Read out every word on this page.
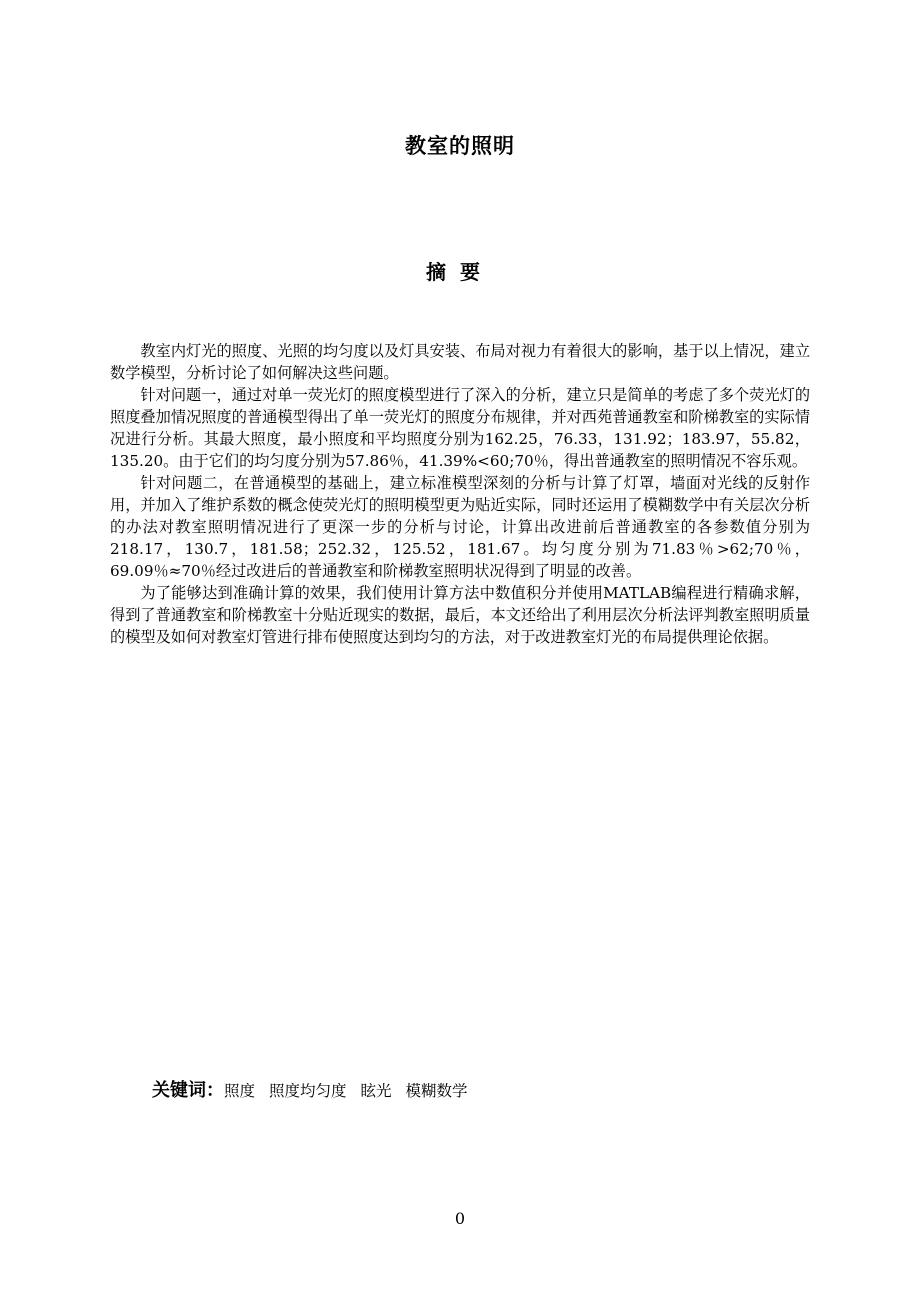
教室的照明
摘要

教室内灯光的照度、光照的均匀度以及灯具安装、布局对视力有着很大的影响，基于以上情况，建立数学模型，分析讨论了如何解决这些问题。

针对问题一，通过对单一荧光灯的照度模型进行了深入的分析，建立只是简单的考虑了多个荧光灯的照度叠加情况照度的普通模型得出了单一荧光灯的照度分布规律，并对西苑普通教室和阶梯教室的实际情况进行分析。其最大照度，最小照度和平均照度分别为162.25，76.33，131.92；183.97，55.82，135.20。由于它们的均匀度分别为57.86％，41.39%<60;70％，得出普通教室的照明情况不容乐观。

针对问题二，在普通模型的基础上，建立标准模型深刻的分析与计算了灯罩，墙面对光线的反射作用，并加入了维护系数的概念使荧光灯的照明模型更为贴近实际，同时还运用了模糊数学中有关层次分析的办法对教室照明情况进行了更深一步的分析与讨论，计算出改进前后普通教室的各参数值分别为218.17，130.7，181.58；252.32，125.52，181.67。均匀度分别为71.83％>62;70％，69.09％≈70％经过改进后的普通教室和阶梯教室照明状况得到了明显的改善。

为了能够达到准确计算的效果，我们使用计算方法中数值积分并使用MATLAB编程进行精确求解，得到了普通教室和阶梯教室十分贴近现实的数据，最后，本文还给出了利用层次分析法评判教室照明质量的模型及如何对教室灯管进行排布使照度达到均匀的方法，对于改进教室灯光的布局提供理论依据。

关键词：照度 照度均匀度 眩光 模糊数学
0
